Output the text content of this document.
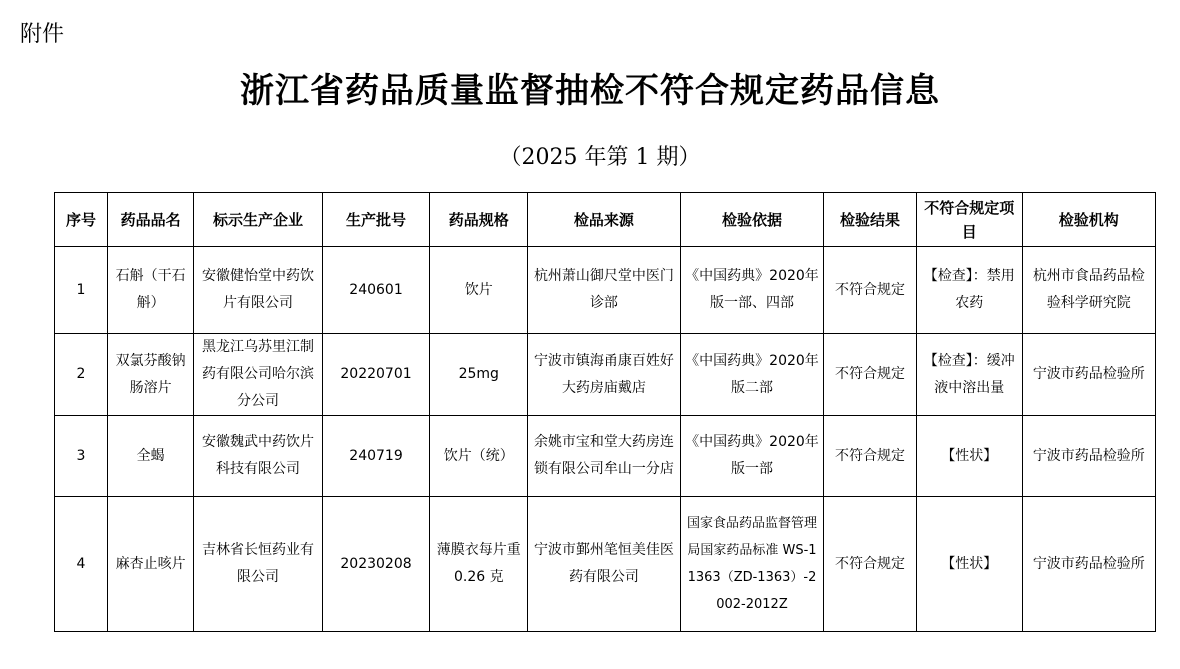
附件
浙江省药品质量监督抽检不符合规定药品信息
（2025 年第 1 期）
序号	药品品名	标示生产企业	生产批号	药品规格	检品来源	检验依据	检验结果	不符合规定项目	检验机构
1	石斛（干石斛）	安徽健怡堂中药饮片有限公司	240601	饮片	杭州萧山御尺堂中医门诊部	《中国药典》2020年版一部、四部	不符合规定	【检查】：禁用农药	杭州市食品药品检验科学研究院
2	双氯芬酸钠肠溶片	黑龙江乌苏里江制药有限公司哈尔滨分公司	20220701	25mg	宁波市镇海甬康百姓好大药房庙戴店	《中国药典》2020年版二部	不符合规定	【检查】：缓冲液中溶出量	宁波市药品检验所
3	全蝎	安徽魏武中药饮片科技有限公司	240719	饮片（统）	余姚市宝和堂大药房连锁有限公司牟山一分店	《中国药典》2020年版一部	不符合规定	【性状】	宁波市药品检验所
4	麻杏止咳片	吉林省长恒药业有限公司	20230208	薄膜衣每片重 0.26 克	宁波市鄞州笔恒美佳医药有限公司	国家食品药品监督管理局国家药品标准 WS-11363（ZD-1363）-2002-2012Z	不符合规定	【性状】	宁波市药品检验所
